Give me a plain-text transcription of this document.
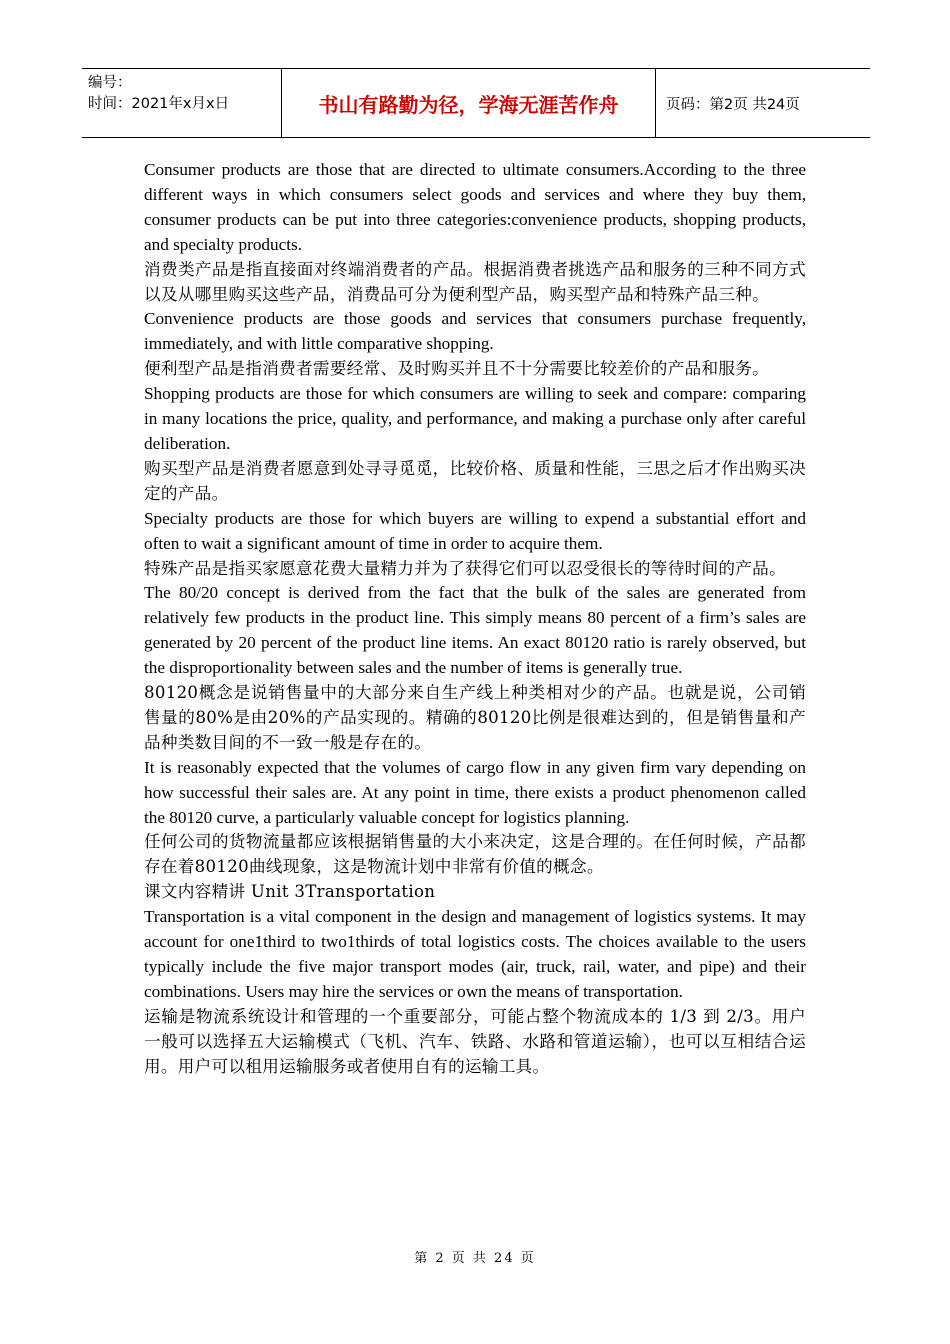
编号：
时间：2021年x月x日	书山有路勤为径，学海无涯苦作舟	页码：第2页 共24页

Consumer products are those that are directed to ultimate consumers.According to the three different ways in which consumers select goods and services and where they buy them, consumer products can be put into three categories:convenience products, shopping products, and specialty products.

消费类产品是指直接面对终端消费者的产品。根据消费者挑选产品和服务的三种不同方式以及从哪里购买这些产品，消费品可分为便利型产品，购买型产品和特殊产品三种。

Convenience products are those goods and services that consumers purchase frequently, immediately, and with little comparative shopping.

便利型产品是指消费者需要经常、及时购买并且不十分需要比较差价的产品和服务。

Shopping products are those for which consumers are willing to seek and compare: comparing in many locations the price, quality, and performance, and making a purchase only after careful deliberation.

购买型产品是消费者愿意到处寻寻觅觅，比较价格、质量和性能，三思之后才作出购买决定的产品。

Specialty products are those for which buyers are willing to expend a substantial effort and often to wait a significant amount of time in order to acquire them.

特殊产品是指买家愿意花费大量精力并为了获得它们可以忍受很长的等待时间的产品。

The 80/20 concept is derived from the fact that the bulk of the sales are generated from relatively few products in the product line. This simply means 80 percent of a firm’s sales are generated by 20 percent of the product line items. An exact 80120 ratio is rarely observed, but the disproportionality between sales and the number of items is generally true.

80120概念是说销售量中的大部分来自生产线上种类相对少的产品。也就是说，公司销售量的80%是由20%的产品实现的。精确的80120比例是很难达到的，但是销售量和产品种类数目间的不一致一般是存在的。

It is reasonably expected that the volumes of cargo flow in any given firm vary depending on how successful their sales are. At any point in time, there exists a product phenomenon called the 80120 curve, a particularly valuable concept for logistics planning.

任何公司的货物流量都应该根据销售量的大小来决定，这是合理的。在任何时候，产品都存在着80120曲线现象，这是物流计划中非常有价值的概念。

课文内容精讲 Unit 3Transportation

Transportation is a vital component in the design and management of logistics systems. It may account for one1third to two1thirds of total logistics costs. The choices available to the users typically include the five major transport modes (air, truck, rail, water, and pipe) and their combinations. Users may hire the services or own the means of transportation.

运输是物流系统设计和管理的一个重要部分，可能占整个物流成本的 1/3 到 2/3。用户一般可以选择五大运输模式（飞机、汽车、铁路、水路和管道运输），也可以互相结合运用。用户可以租用运输服务或者使用自有的运输工具。

第 2 页 共 24 页
